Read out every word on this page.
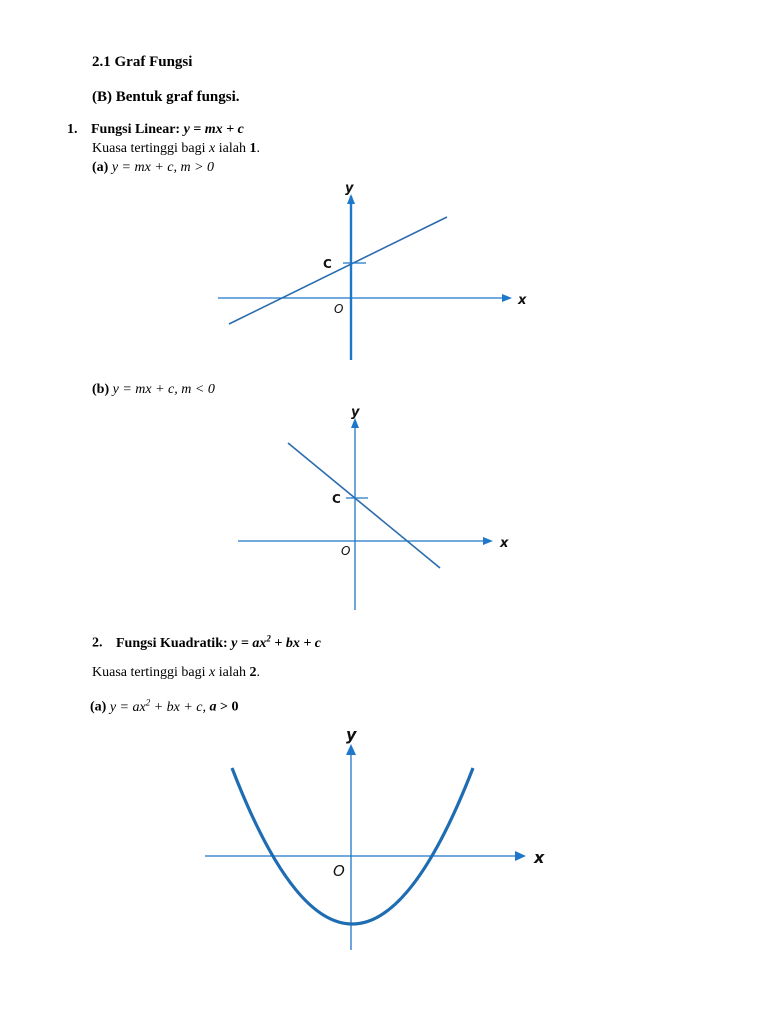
2.1 Graf Fungsi
(B) Bentuk graf fungsi.
1. Fungsi Linear: y = mx + c
Kuasa tertinggi bagi x ialah 1.
(a) y = mx + c, m > 0
x
y
C
O
(b) y = mx + c, m < 0
x
y
C
O
2. Fungsi Kuadratik: $y = ax^2$ + bx + c
Kuasa tertinggi bagi x ialah 2.
(a) $y = ax^2$ + bx + c, a > 0
x
y
O
